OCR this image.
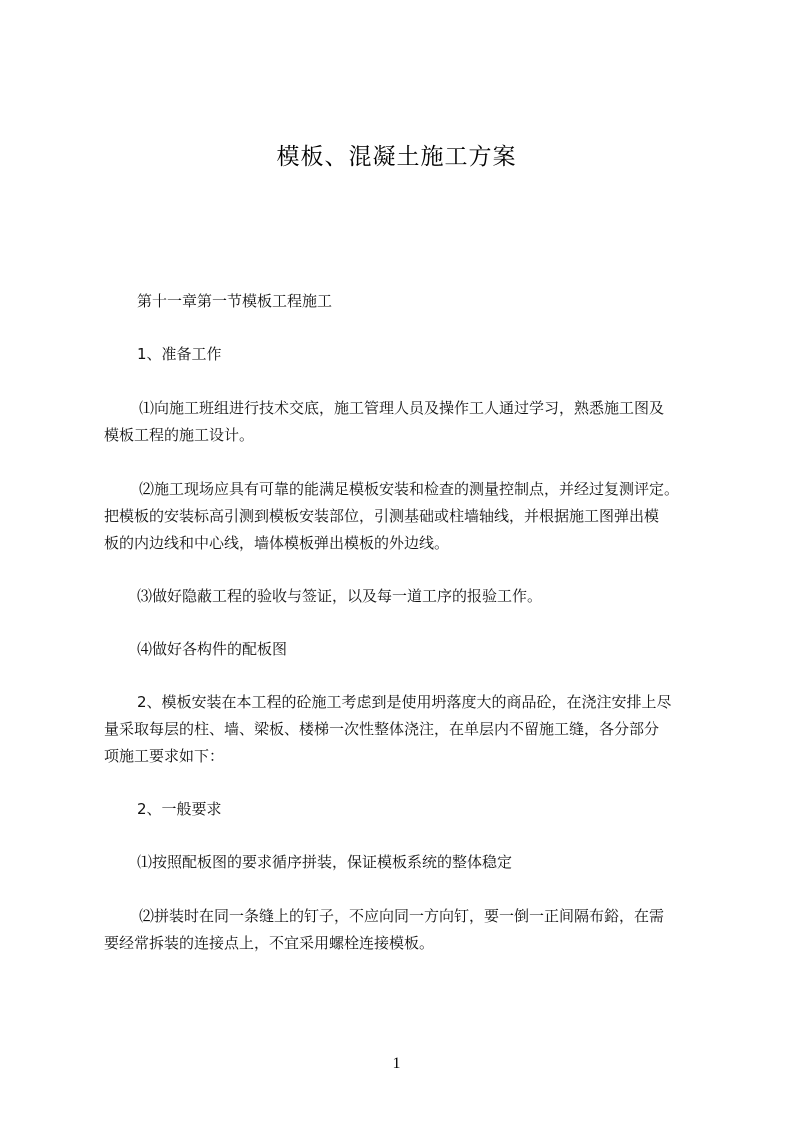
模板、混凝土施工方案
第十一章第一节模板工程施工
1、准备工作
⑴向施工班组进行技术交底，施工管理人员及操作工人通过学习，熟悉施工图及
模板工程的施工设计。
⑵施工现场应具有可靠的能满足模板安装和检查的测量控制点，并经过复测评定。
把模板的安装标高引测到模板安装部位，引测基础或柱墙轴线，并根据施工图弹出模
板的内边线和中心线，墙体模板弹出模板的外边线。
⑶做好隐蔽工程的验收与签证，以及每一道工序的报验工作。
⑷做好各构件的配板图
2、模板安装在本工程的砼施工考虑到是使用坍落度大的商品砼，在浇注安排上尽
量采取每层的柱、墙、梁板、楼梯一次性整体浇注，在单层内不留施工缝，各分部分
项施工要求如下：
2、一般要求
⑴按照配板图的要求循序拼装，保证模板系统的整体稳定
⑵拼装时在同一条缝上的钉子，不应向同一方向钉，要一倒一正间隔布鋊，在需
要经常拆装的连接点上，不宜采用螺栓连接模板。
1
